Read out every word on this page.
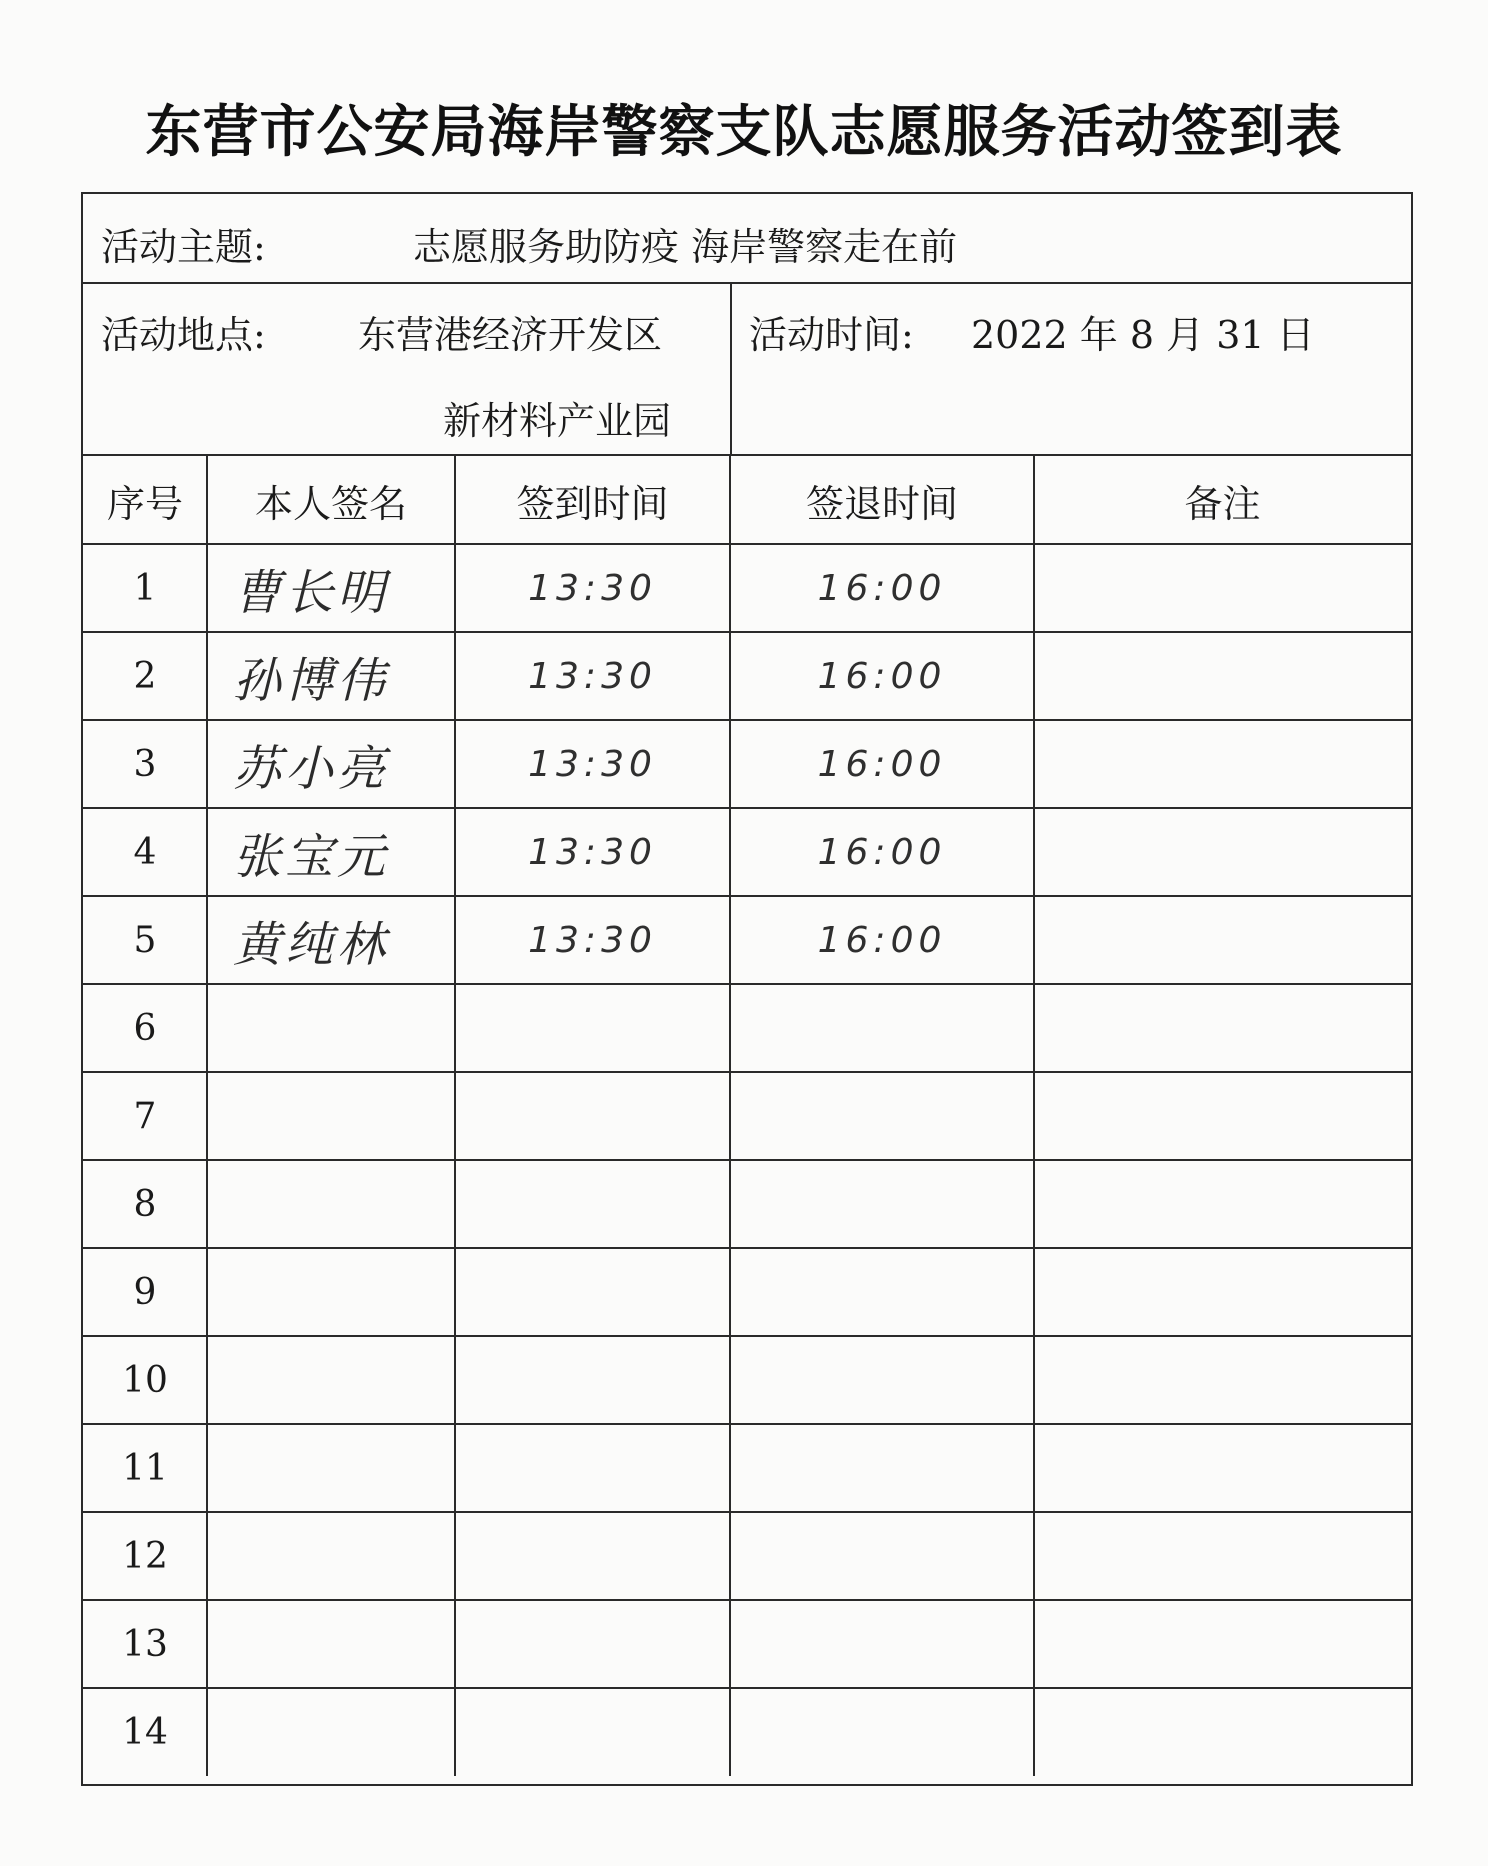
东营市公安局海岸警察支队志愿服务活动签到表
活动主题:	志愿服务助防疫 海岸警察走在前
活动地点: 东营港经济开发区
新材料产业园
活动时间: 2022 年 8 月 31 日
序号	本人签名	签到时间	签退时间	备注
1	曹长明	13:30	16:00
2	孙博伟	13:30	16:00
3	苏小亮	13:30	16:00
4	张宝元	13:30	16:00
5	黄纯林	13:30	16:00
6
7
8
9
10
11
12
13
14
